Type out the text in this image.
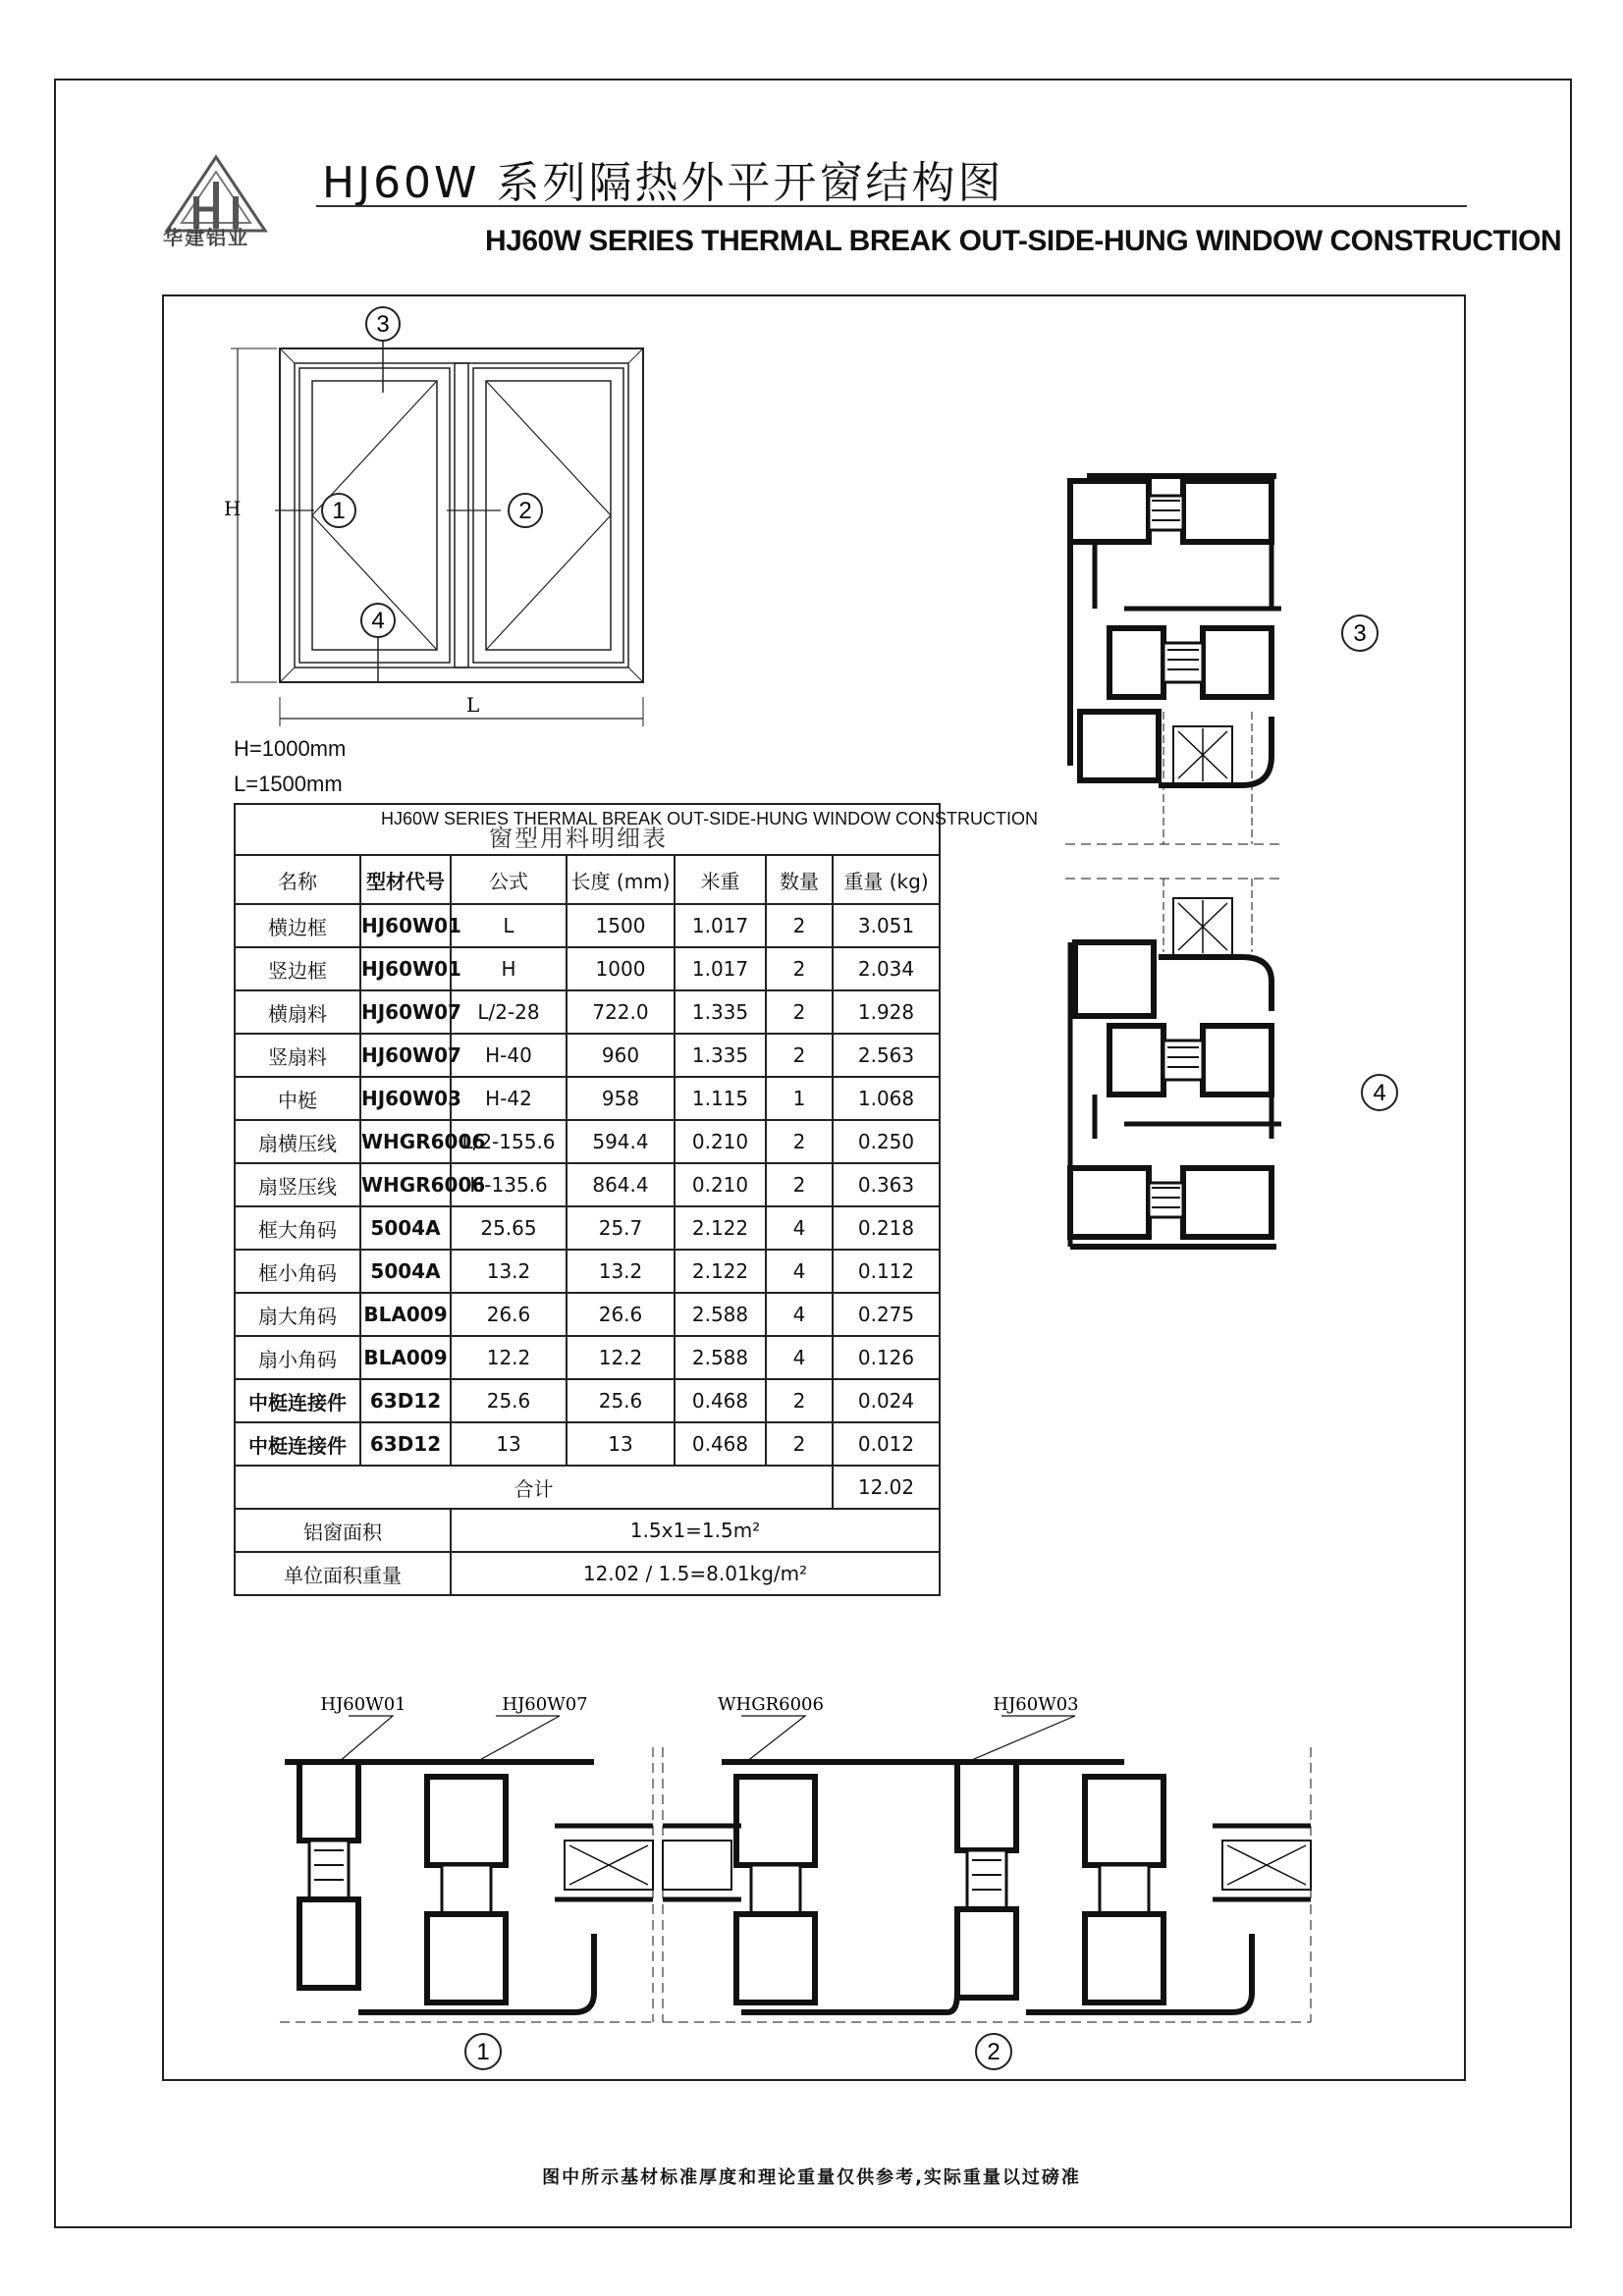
华建铝业
HJ60W 系列隔热外平开窗结构图
HJ60W SERIES THERMAL BREAK OUT-SIDE-HUNG WINDOW CONSTRUCTION
3
H
L
1	2
4
H=1000mm
L=1500mm
HJ60W SERIES THERMAL BREAK OUT-SIDE-HUNG WINDOW CONSTRUCTION
窗型用料明细表						

名称	型材代号	公式	长度 (mm)	米重	数量	重量 (kg)
横边框	HJ60W01	L	1500	1.017	2	3.051
竖边框	HJ60W01	H	1000	1.017	2	2.034
横扇料	HJ60W07	L/2-28	722.0	1.335	2	1.928
竖扇料	HJ60W07	H-40	960	1.335	2	2.563
中梃	HJ60W03	H-42	958	1.115	1	1.068
扇横压线	WHGR6006	L/2-155.6	594.4	0.210	2	0.250
扇竖压线	WHGR6006	H-135.6	864.4	0.210	2	0.363
框大角码	5004A	25.65	25.7	2.122	4	0.218
框小角码	5004A	13.2	13.2	2.122	4	0.112
扇大角码	BLA009	26.6	26.6	2.588	4	0.275
扇小角码	BLA009	12.2	12.2	2.588	4	0.126
中梃连接件	63D12	25.6	25.6	0.468	2	0.024
中梃连接件	63D12	13	13	0.468	2	0.012
合计						12.02
铝窗面积		1.5x1=1.5m²				
单位面积重量		12.02 / 1.5=8.01kg/m²				
3
4
HJ60W01	HJ60W07	WHGR6006	HJ60W03
1	2
图中所示基材标准厚度和理论重量仅供参考,实际重量以过磅准
